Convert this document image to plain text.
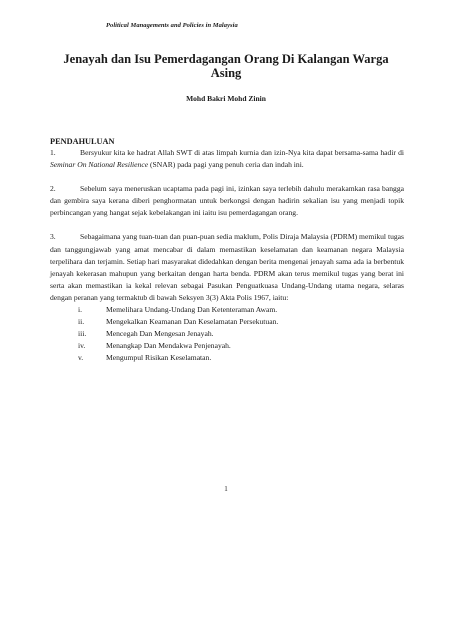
Political Managements and Policies in Malaysia
Jenayah dan Isu Pemerdagangan Orang Di Kalangan Warga Asing
Mohd Bakri Mohd Zinin
PENDAHULUAN

1.	Bersyukur kita ke hadrat Allah SWT di atas limpah kurnia dan izin-Nya kita dapat bersama-sama hadir di Seminar On National Resilience (SNAR) pada pagi yang penuh ceria dan indah ini.

2.	Sebelum saya meneruskan ucaptama pada pagi ini, izinkan saya terlebih dahulu merakamkan rasa bangga dan gembira saya kerana diberi penghormatan untuk berkongsi dengan hadirin sekalian isu yang menjadi topik perbincangan yang hangat sejak kebelakangan ini iaitu isu pemerdagangan orang.

3.	Sebagaimana yang tuan-tuan dan puan-puan sedia maklum, Polis Diraja Malaysia (PDRM) memikul tugas dan tanggungjawab yang amat mencabar di dalam memastikan keselamatan dan keamanan negara Malaysia terpelihara dan terjamin. Setiap hari masyarakat didedahkan dengan berita mengenai jenayah sama ada ia berbentuk jenayah kekerasan mahupun yang berkaitan dengan harta benda. PDRM akan terus memikul tugas yang berat ini serta akan memastikan ia kekal relevan sebagai Pasukan Penguatkuasa Undang-Undang utama negara, selaras dengan peranan yang termaktub di bawah Seksyen 3(3) Akta Polis 1967, iaitu:

i.	Memelihara Undang-Undang Dan Ketenteraman Awam.
ii.	Mengekalkan Keamanan Dan Keselamatan Persekutuan.
iii.	Mencegah Dan Mengesan Jenayah.
iv.	Menangkap Dan Mendakwa Penjenayah.
v.	Mengumpul Risikan Keselamatan.
1
